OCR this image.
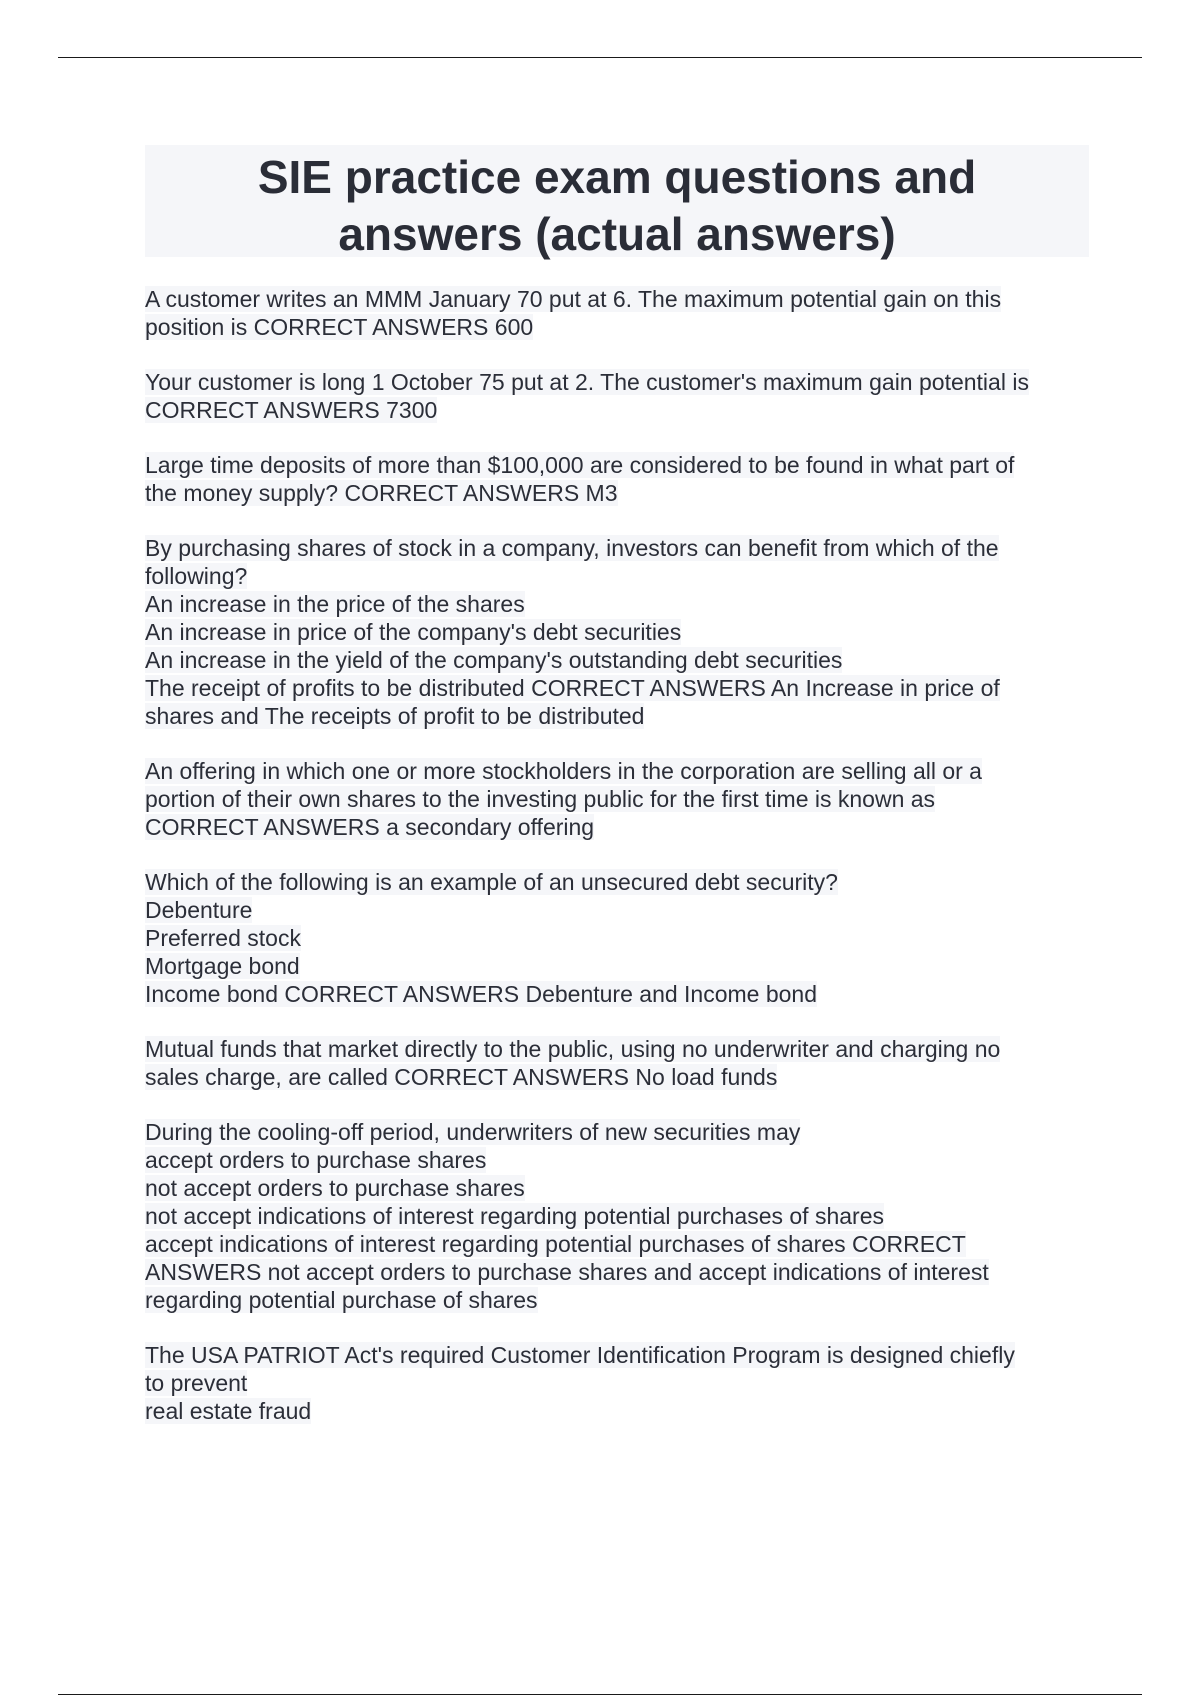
SIE practice exam questions and
answers (actual answers)
A customer writes an MMM January 70 put at 6. The maximum potential gain on this
position is CORRECT ANSWERS 600
Your customer is long 1 October 75 put at 2. The customer's maximum gain potential is
CORRECT ANSWERS 7300
Large time deposits of more than $100,000 are considered to be found in what part of
the money supply? CORRECT ANSWERS M3
By purchasing shares of stock in a company, investors can benefit from which of the
following?
An increase in the price of the shares
An increase in price of the company's debt securities
An increase in the yield of the company's outstanding debt securities
The receipt of profits to be distributed CORRECT ANSWERS An Increase in price of
shares and The receipts of profit to be distributed
An offering in which one or more stockholders in the corporation are selling all or a
portion of their own shares to the investing public for the first time is known as
CORRECT ANSWERS a secondary offering
Which of the following is an example of an unsecured debt security?
Debenture
Preferred stock
Mortgage bond
Income bond CORRECT ANSWERS Debenture and Income bond
Mutual funds that market directly to the public, using no underwriter and charging no
sales charge, are called CORRECT ANSWERS No load funds
During the cooling-off period, underwriters of new securities may
accept orders to purchase shares
not accept orders to purchase shares
not accept indications of interest regarding potential purchases of shares
accept indications of interest regarding potential purchases of shares CORRECT
ANSWERS not accept orders to purchase shares and accept indications of interest
regarding potential purchase of shares
The USA PATRIOT Act's required Customer Identification Program is designed chiefly
to prevent
real estate fraud
